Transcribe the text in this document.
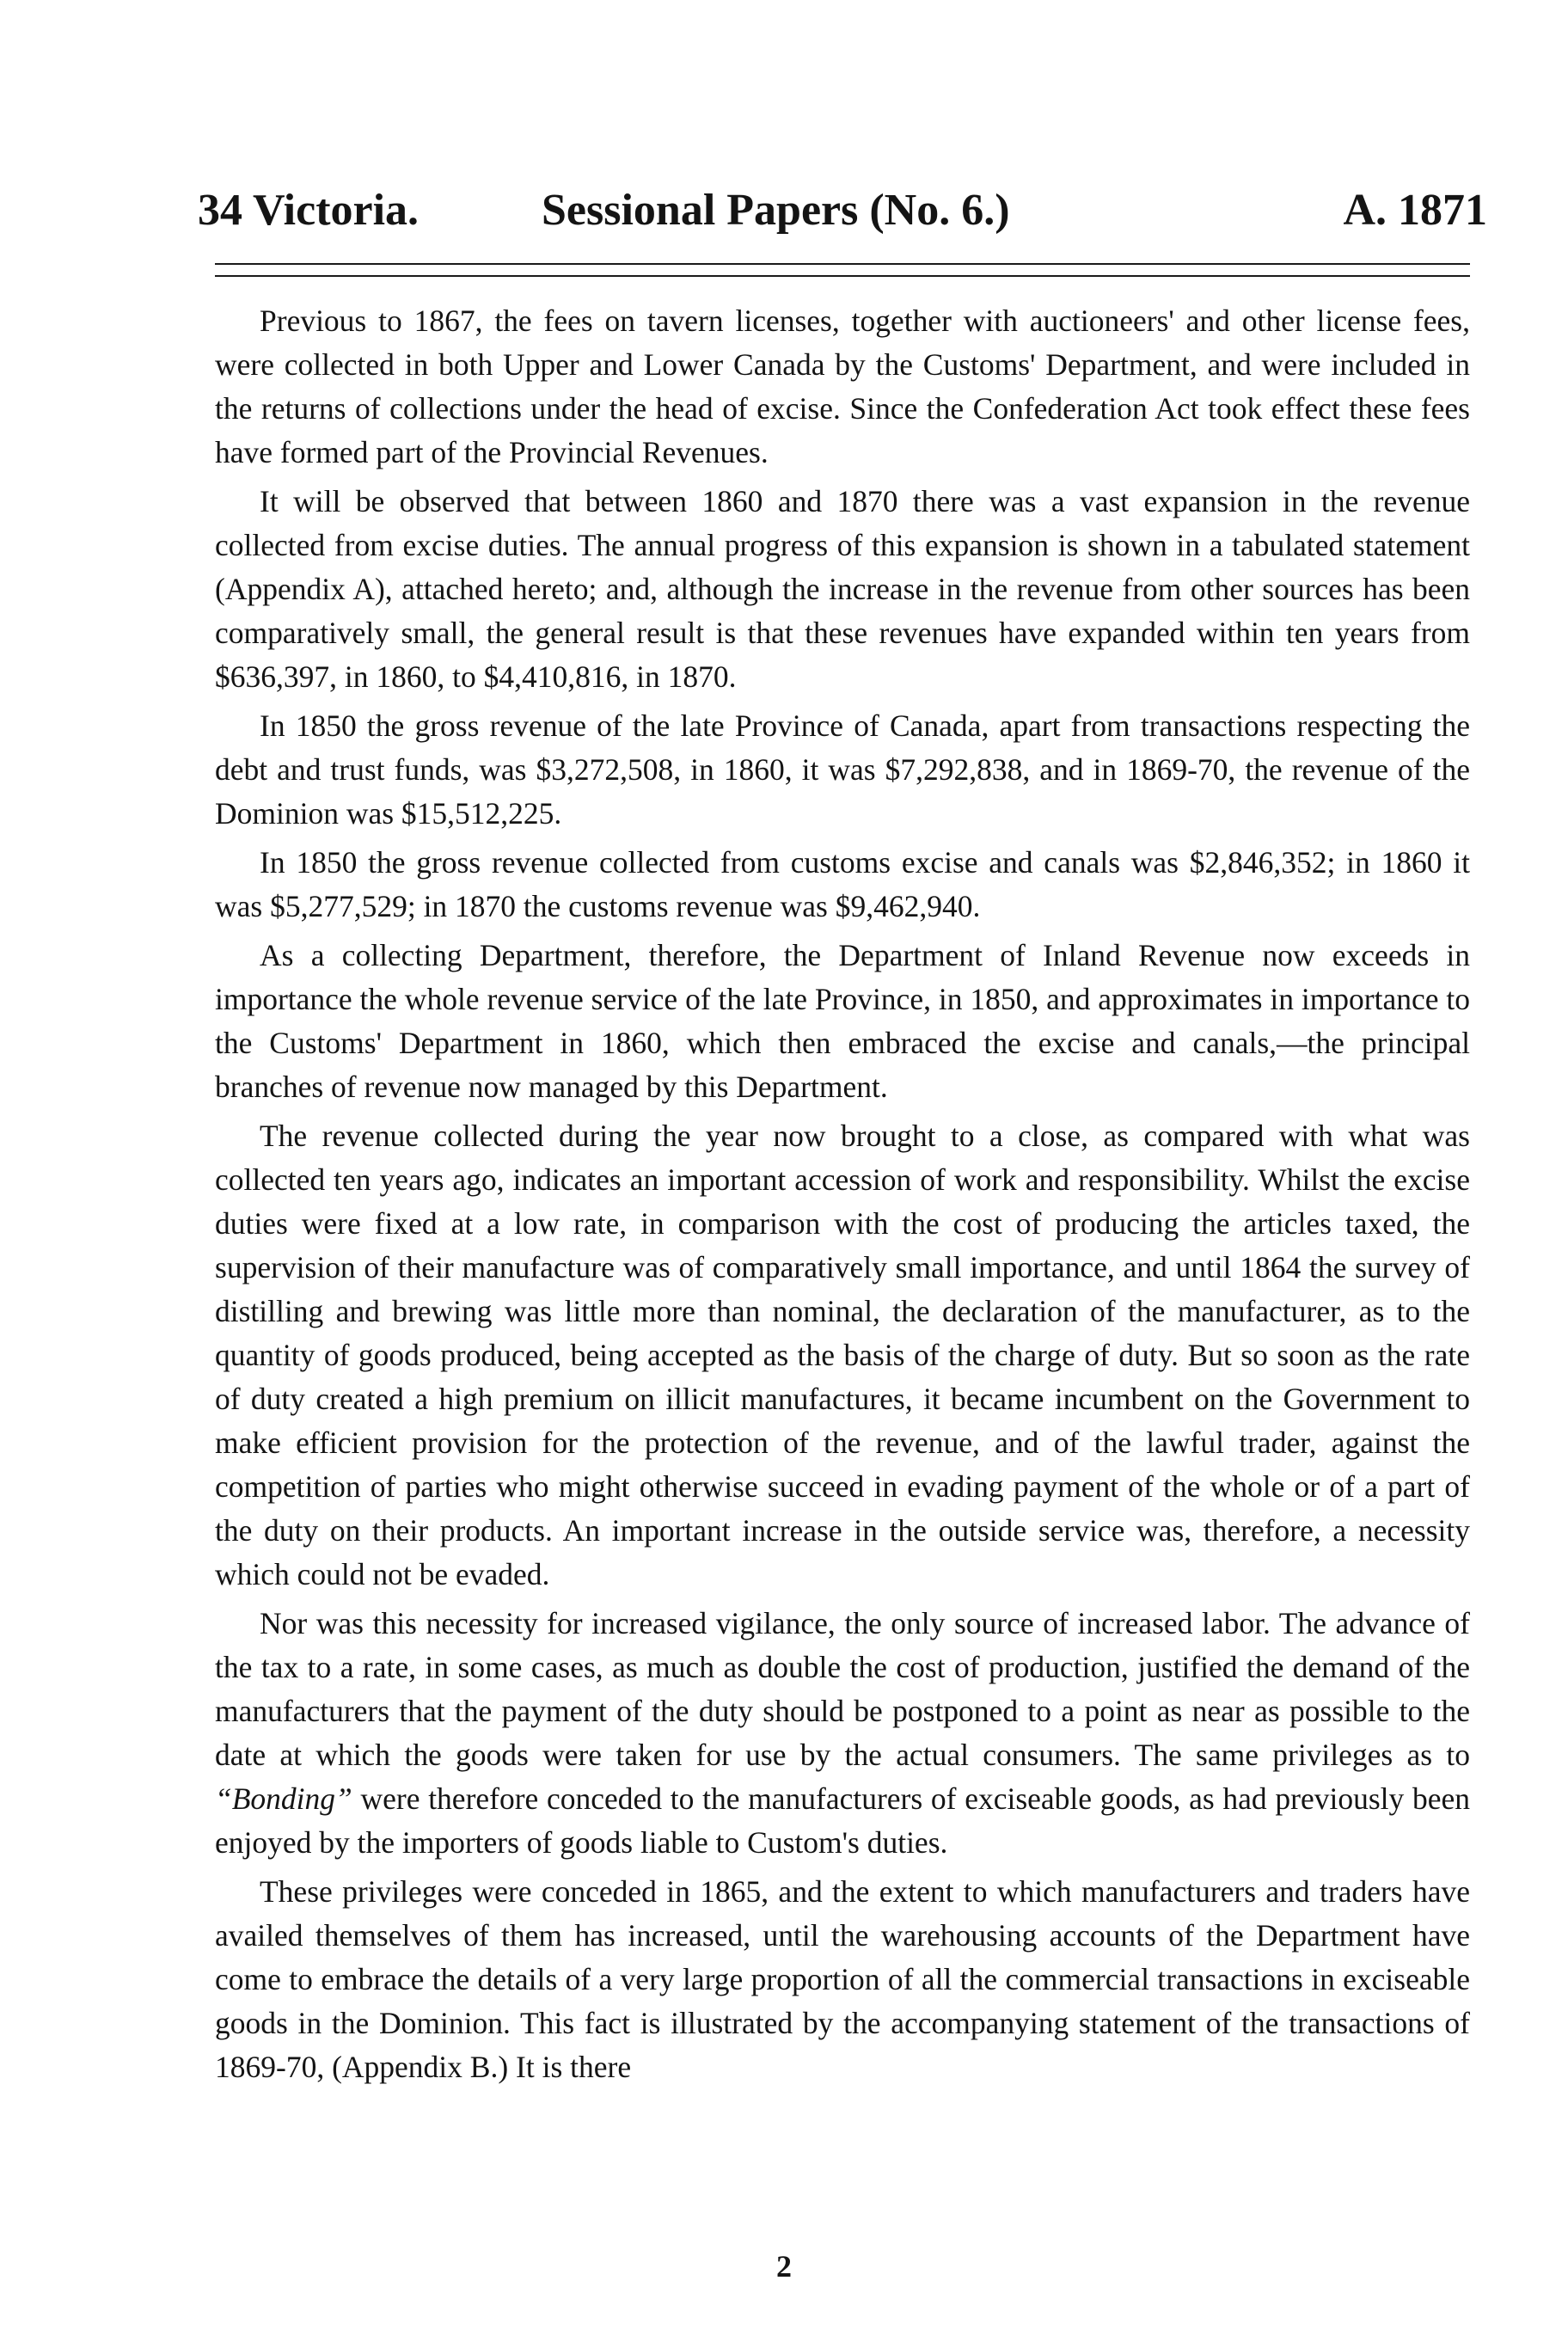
34 Victoria.	Sessional Papers (No. 6.)	A. 1871

Previous to 1867, the fees on tavern licenses, together with auctioneers' and other license fees, were collected in both Upper and Lower Canada by the Customs' Department, and were included in the returns of collections under the head of excise. Since the Confederation Act took effect these fees have formed part of the Provincial Revenues.

It will be observed that between 1860 and 1870 there was a vast expansion in the revenue collected from excise duties. The annual progress of this expansion is shown in a tabulated statement (Appendix A), attached hereto; and, although the increase in the revenue from other sources has been comparatively small, the general result is that these revenues have expanded within ten years from $636,397, in 1860, to $4,410,816, in 1870.

In 1850 the gross revenue of the late Province of Canada, apart from transactions respecting the debt and trust funds, was $3,272,508, in 1860, it was $7,292,838, and in 1869-70, the revenue of the Dominion was $15,512,225.

In 1850 the gross revenue collected from customs excise and canals was $2,846,352; in 1860 it was $5,277,529; in 1870 the customs revenue was $9,462,940.

As a collecting Department, therefore, the Department of Inland Revenue now exceeds in importance the whole revenue service of the late Province, in 1850, and approximates in importance to the Customs' Department in 1860, which then embraced the excise and canals,—the principal branches of revenue now managed by this Department.

The revenue collected during the year now brought to a close, as compared with what was collected ten years ago, indicates an important accession of work and responsibility. Whilst the excise duties were fixed at a low rate, in comparison with the cost of producing the articles taxed, the supervision of their manufacture was of comparatively small importance, and until 1864 the survey of distilling and brewing was little more than nominal, the declaration of the manufacturer, as to the quantity of goods produced, being accepted as the basis of the charge of duty. But so soon as the rate of duty created a high premium on illicit manufactures, it became incumbent on the Government to make efficient provision for the protection of the revenue, and of the lawful trader, against the competition of parties who might otherwise succeed in evading payment of the whole or of a part of the duty on their products. An important increase in the outside service was, therefore, a necessity which could not be evaded.

Nor was this necessity for increased vigilance, the only source of increased labor. The advance of the tax to a rate, in some cases, as much as double the cost of production, justified the demand of the manufacturers that the payment of the duty should be postponed to a point as near as possible to the date at which the goods were taken for use by the actual consumers. The same privileges as to “Bonding” were therefore conceded to the manufacturers of exciseable goods, as had previously been enjoyed by the importers of goods liable to Custom's duties.

These privileges were conceded in 1865, and the extent to which manufacturers and traders have availed themselves of them has increased, until the warehousing accounts of the Department have come to embrace the details of a very large proportion of all the commercial transactions in exciseable goods in the Dominion. This fact is illustrated by the accompanying statement of the transactions of 1869-70, (Appendix B.) It is there

2
